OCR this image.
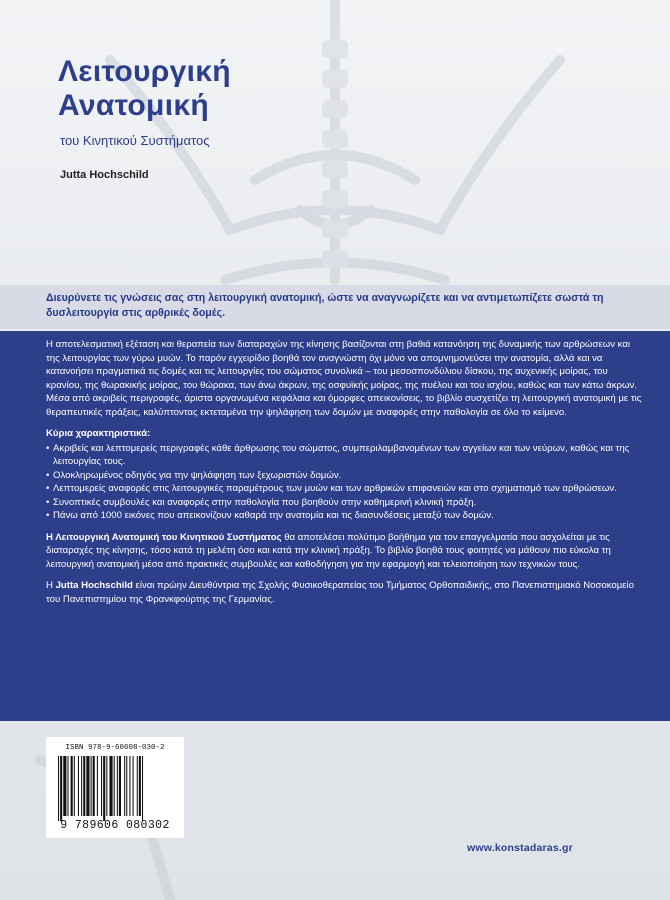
Λειτουργική
Ανατομική
του Κινητικού Συστήματος
Jutta Hochschild
Διευρύνετε τις γνώσεις σας στη λειτουργική ανατομική, ώστε να αναγνωρίζετε και να αντιμετωπίζετε σωστά τη δυσλειτουργία στις αρθρικές δομές.

Η αποτελεσματική εξέταση και θεραπεία των διαταραχών της κίνησης βασίζονται στη βαθιά κατανόηση της δυναμικής των αρθρώσεων και της λειτουργίας των γύρω μυών. Το παρόν εγχειρίδιο βοηθά τον αναγνώστη όχι μόνο να απομνημονεύσει την ανατομία, αλλά και να κατανοήσει πραγματικά τις δομές και τις λειτουργίες του σώματος συνολικά – του μεσοσπονδύλιου δίσκου, της αυχενικής μοίρας, του κρανίου, της θωρακικής μοίρας, του θώρακα, των άνω άκρων, της οσφυϊκής μοίρας, της πυέλου και του ισχίου, καθώς και των κάτω άκρων. Μέσα από ακριβείς περιγραφές, άριστα οργανωμένα κεφάλαια και όμορφες απεικονίσεις, το βιβλίο συσχετίζει τη λειτουργική ανατομική με τις θεραπευτικές πράξεις, καλύπτοντας εκτεταμένα την ψηλάφηση των δομών με αναφορές στην παθολογία σε όλο το κείμενο.

Κύρια χαρακτηριστικά:
• Ακριβείς και λεπτομερείς περιγραφές κάθε άρθρωσης του σώματος, συμπεριλαμβανομένων των αγγείων και των νεύρων, καθώς και της λειτουργίας τους.
• Ολοκληρωμένος οδηγός για την ψηλάφηση των ξεχωριστών δομών.
• Λεπτομερείς αναφορές στις λειτουργικές παραμέτρους των μυών και των αρθρικών επιφανειών και στο σχηματισμό των αρθρώσεων.
• Συνοπτικές συμβουλές και αναφορές στην παθολογία που βοηθούν στην καθημερινή κλινική πράξη.
• Πάνω από 1000 εικόνες που απεικονίζουν καθαρά την ανατομία και τις διασυνδέσεις μεταξύ των δομών.

Η Λειτουργική Ανατομική του Κινητικού Συστήματος θα αποτελέσει πολύτιμο βοήθημα για τον επαγγελματία που ασχολείται με τις διαταραχές της κίνησης, τόσο κατά τη μελέτη όσο και κατά την κλινική πράξη. Το βιβλίο βοηθά τους φοιτητές να μάθουν πιο εύκολα τη λειτουργική ανατομική μέσα από πρακτικές συμβουλές και καθοδήγηση για την εφαρμογή και τελειοποίηση των τεχνικών τους.

Η Jutta Hochschild είναι πρώην Διευθύντρια της Σχολής Φυσικοθεραπείας του Τμήματος Ορθοπαιδικής, στο Πανεπιστημιακό Νοσοκομείο του Πανεπιστημίου της Φρανκφούρτης της Γερμανίας.

ISBN 978-9-60608-030-2
9 789606 080302
www.konstadaras.gr
